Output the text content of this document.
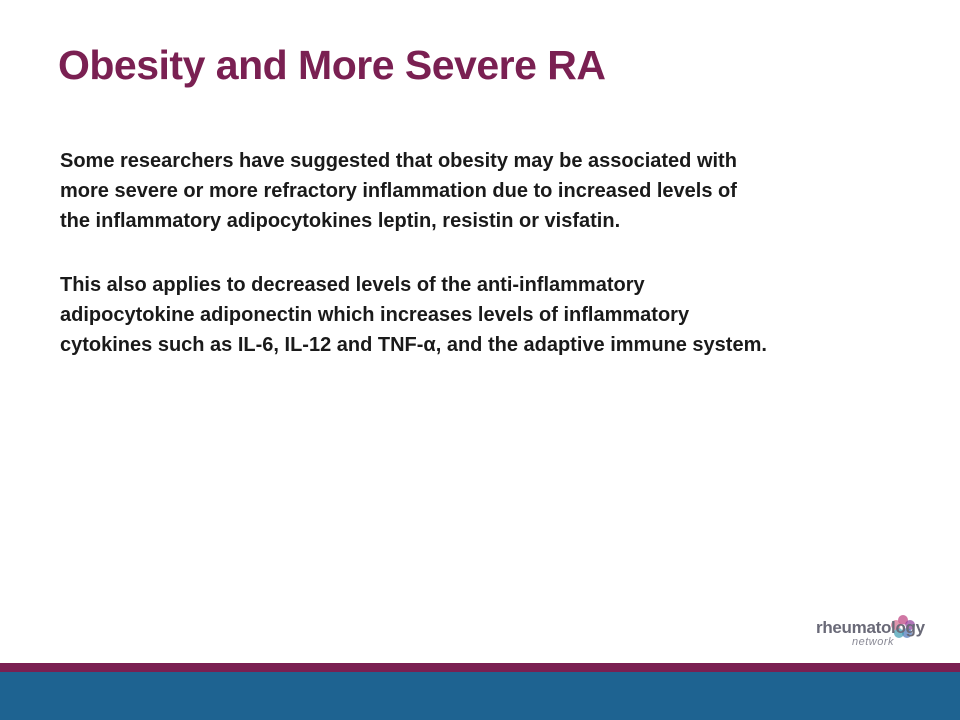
Obesity and More Severe RA

Some researchers have suggested that obesity may be associated with
more severe or more refractory inflammation due to increased levels of
the inflammatory adipocytokines leptin, resistin or visfatin.

This also applies to decreased levels of the anti-inflammatory
adipocytokine adiponectin which increases levels of inflammatory
cytokines such as IL-6, IL-12 and TNF-α, and the adaptive immune system.

rheumatology
network
